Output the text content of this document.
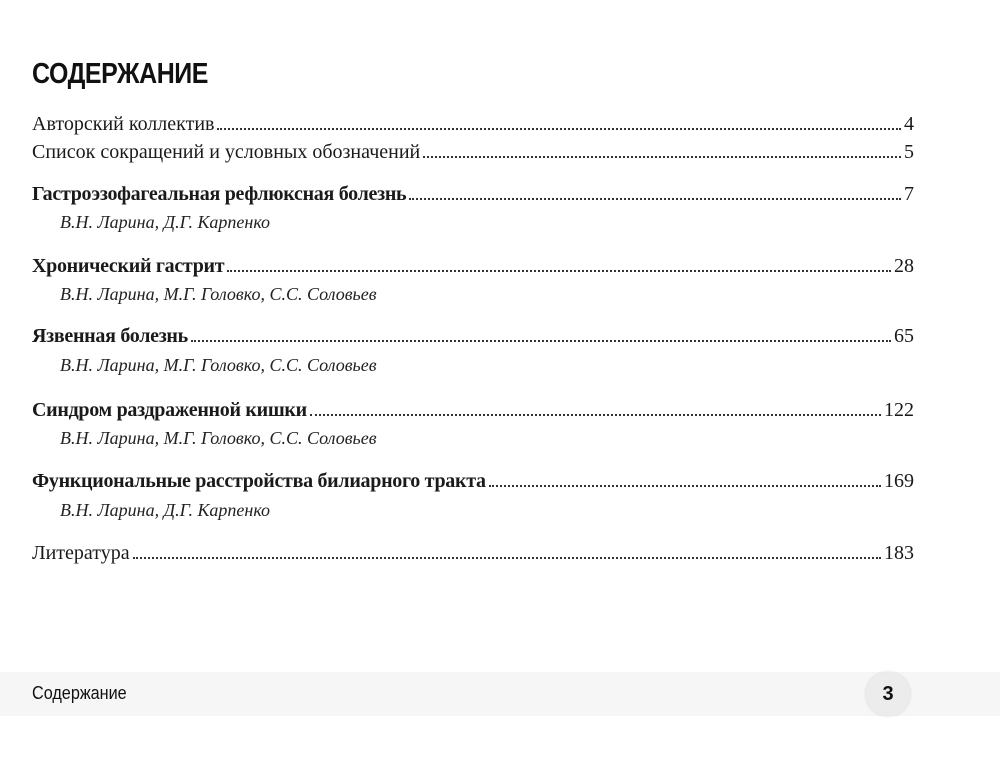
СОДЕРЖАНИЕ
Авторский коллектив	4
Список сокращений и условных обозначений	5
Гастроэзофагеальная рефлюксная болезнь	7
В.Н. Ларина, Д.Г. Карпенко
Хронический гастрит	28
В.Н. Ларина, М.Г. Головко, С.С. Соловьев
Язвенная болезнь	65
В.Н. Ларина, М.Г. Головко, С.С. Соловьев
Синдром раздраженной кишки	122
В.Н. Ларина, М.Г. Головко, С.С. Соловьев
Функциональные расстройства билиарного тракта	169
В.Н. Ларина, Д.Г. Карпенко
Литература	183
Содержание	3
